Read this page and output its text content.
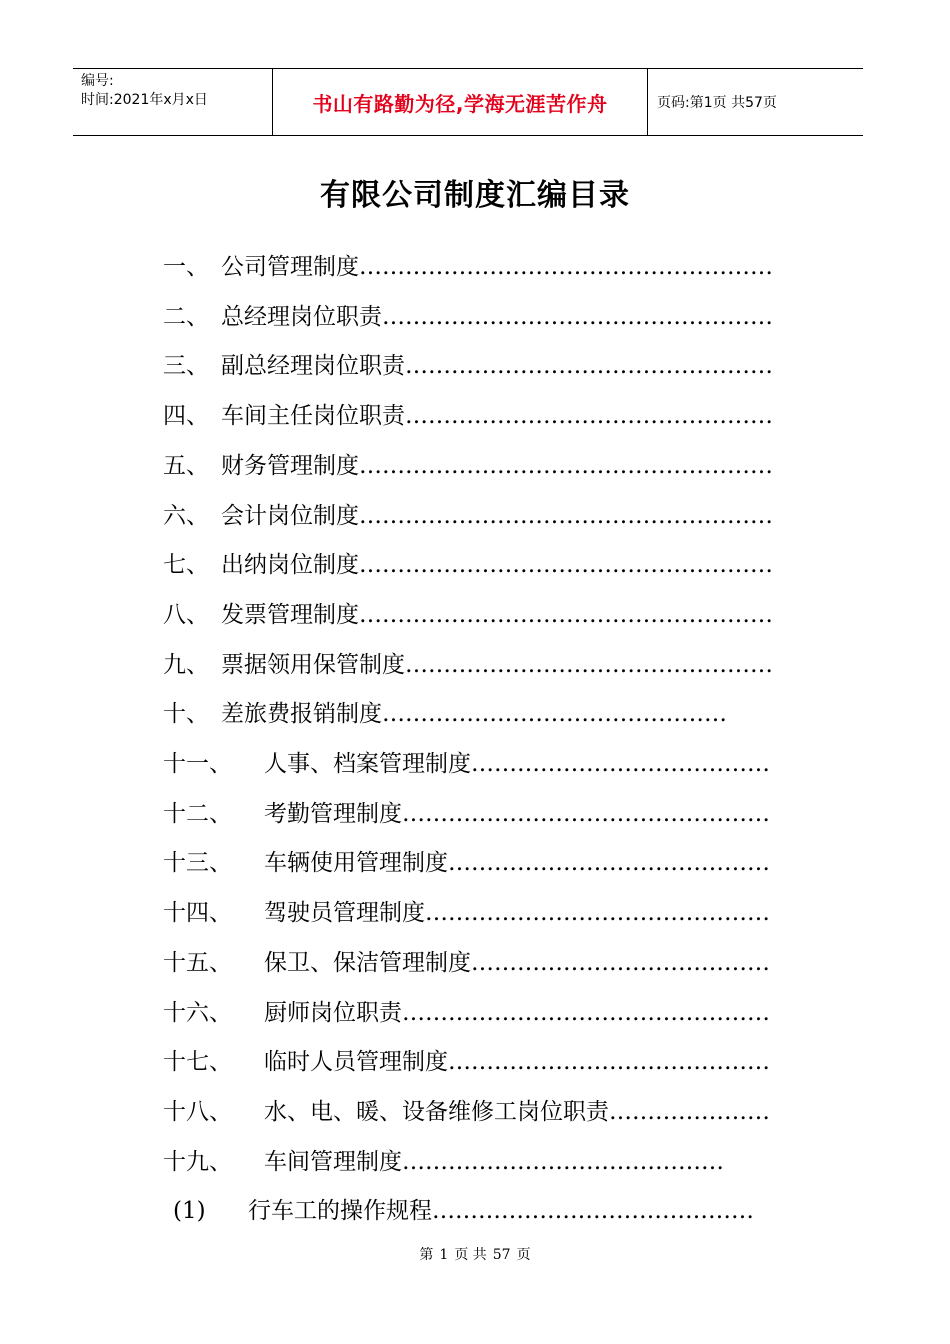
编号:
时间:2021年x月x日	书山有路勤为径,学海无涯苦作舟	页码:第1页 共57页
有限公司制度汇编目录
一、 公司管理制度………………………………………………
二、 总经理岗位职责……………………………………………
三、 副总经理岗位职责…………………………………………
四、 车间主任岗位职责…………………………………………
五、 财务管理制度………………………………………………
六、 会计岗位制度………………………………………………
七、 出纳岗位制度………………………………………………
八、 发票管理制度………………………………………………
九、 票据领用保管制度…………………………………………
十、 差旅费报销制度………………………………………
十一、 人事、档案管理制度…………………………………
十二、 考勤管理制度…………………………………………
十三、 车辆使用管理制度……………………………………
十四、 驾驶员管理制度………………………………………
十五、 保卫、保洁管理制度…………………………………
十六、 厨师岗位职责…………………………………………
十七、 临时人员管理制度……………………………………
十八、 水、电、暖、设备维修工岗位职责…………………
十九、 车间管理制度……………………………………
(1) 行车工的操作规程……………………………………
第 1 页 共 57 页
